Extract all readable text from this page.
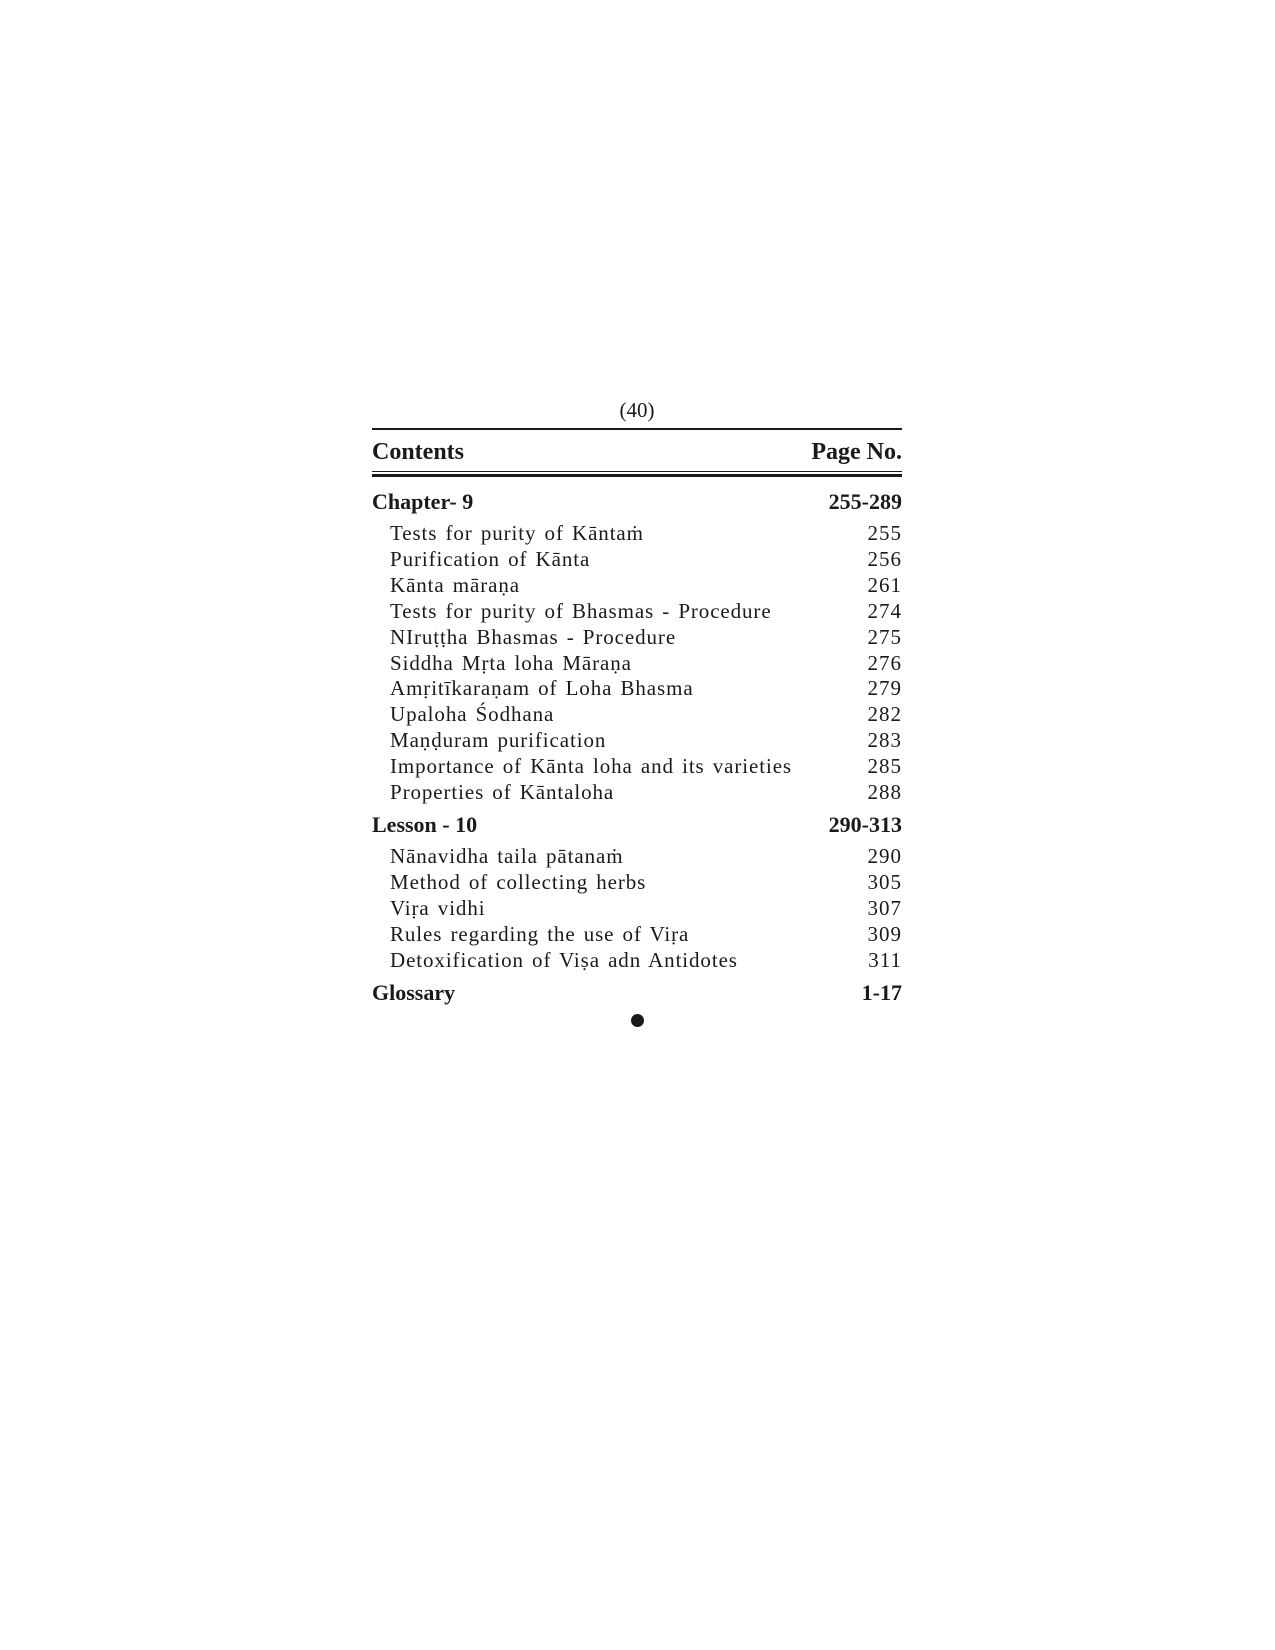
(40)
Contents	Page No.
Chapter- 9	255-289
Tests for purity of Kāntaṁ	255
Purification of Kānta	256
Kānta māraṇa	261
Tests for purity of Bhasmas - Procedure	274
NIruṭṭha Bhasmas - Procedure	275
Siddha Mṛta loha Māraṇa	276
Amṛitīkaraṇam of Loha Bhasma	279
Upaloha Śodhana	282
Maṇḍuram purification	283
Importance of Kānta loha and its varieties	285
Properties of Kāntaloha	288
Lesson - 10	290-313
Nānavidha taila pātanaṁ	290
Method of collecting herbs	305
Viṛa vidhi	307
Rules regarding the use of Viṛa	309
Detoxification of Viṣa adn Antidotes	311
Glossary	1-17
